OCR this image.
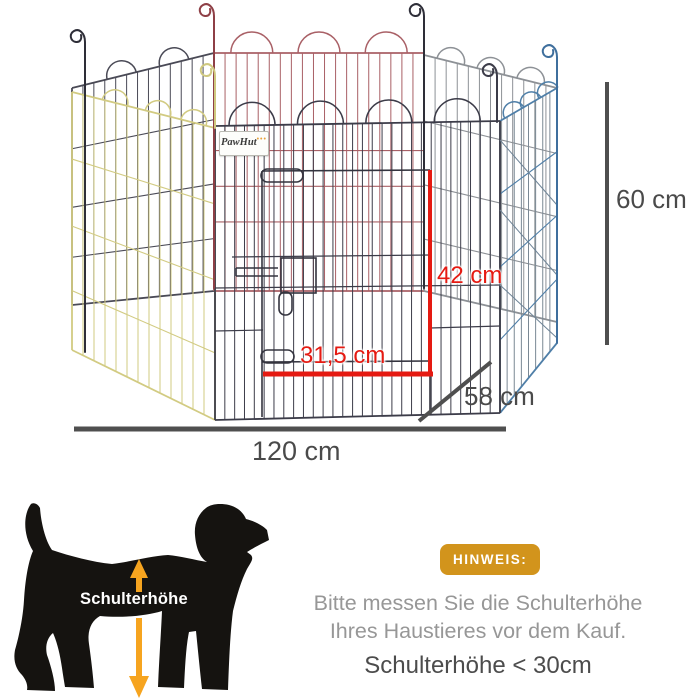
PawHut •••
60 cm
42 cm
31,5 cm
58 cm
120 cm
Schulterhöhe
HINWEIS:
Bitte messen Sie die Schulterhöhe
Ihres Haustieres vor dem Kauf.
Schulterhöhe < 30cm
